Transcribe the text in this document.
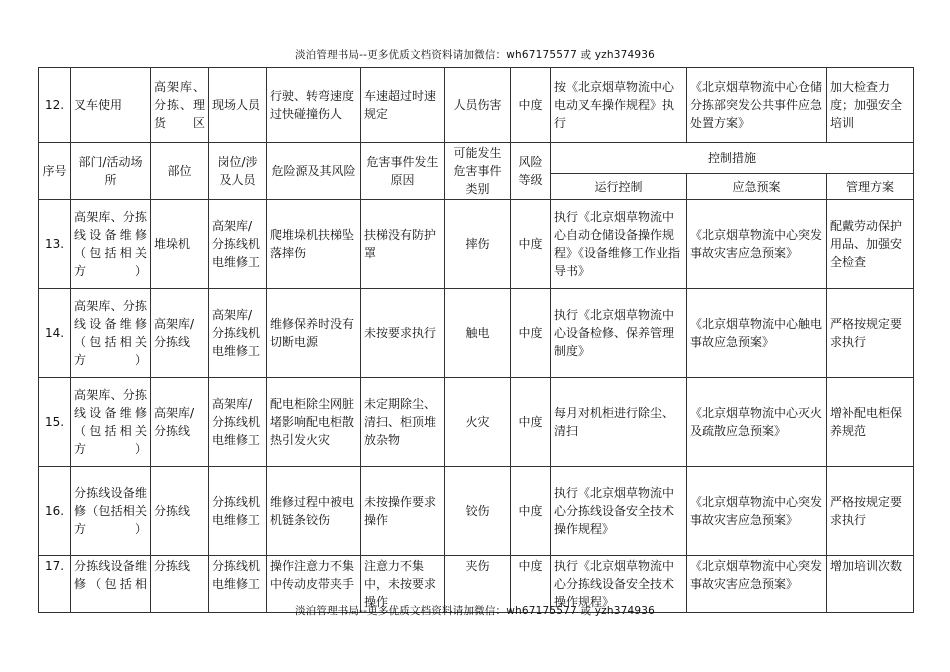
淡泊管理书局--更多优质文档资料请加微信：wh67175577 或 yzh374936
12.	叉车使用	高架库、分拣、理货区	现场人员	行驶、转弯速度过快碰撞伤人	车速超过时速规定	人员伤害	中度	按《北京烟草物流中心电动叉车操作规程》执行	《北京烟草物流中心仓储分拣部突发公共事件应急处置方案》	加大检查力度；加强安全培训
序号	部门/活动场所	部位	岗位/涉及人员	危险源及其风险	危害事件发生原因	可能发生危害事件类别	风险等级	控制措施		
								运行控制	应急预案	管理方案
13.	高架库、分拣线设备维修（包括相关方）	堆垛机	高架库/分拣线机电维修工	爬堆垛机扶梯坠落摔伤	扶梯没有防护罩	摔伤	中度	执行《北京烟草物流中心自动仓储设备操作规程》《设备维修工作业指导书》	《北京烟草物流中心突发事故灾害应急预案》	配戴劳动保护用品、加强安全检查
14.	高架库、分拣线设备维修（包括相关方）	高架库/分拣线	高架库/分拣线机电维修工	维修保养时没有切断电源	未按要求执行	触电	中度	执行《北京烟草物流中心设备检修、保养管理制度》	《北京烟草物流中心触电事故应急预案》	严格按规定要求执行
15.	高架库、分拣线设备维修（包括相关方）	高架库/分拣线	高架库/分拣线机电维修工	配电柜除尘网脏堵影响配电柜散热引发火灾	未定期除尘、清扫、柜顶堆放杂物	火灾	中度	每月对机柜进行除尘、清扫	《北京烟草物流中心灭火及疏散应急预案》	增补配电柜保养规范
16.	分拣线设备维修（包括相关方）	分拣线	分拣线机电维修工	维修过程中被电机链条铰伤	未按操作要求操作	铰伤	中度	执行《北京烟草物流中心分拣线设备安全技术操作规程》	《北京烟草物流中心突发事故灾害应急预案》	严格按规定要求执行
17.	分拣线设备维修（包括相	分拣线	分拣线机电维修工	操作注意力不集中传动皮带夹手	注意力不集中，未按要求操作	夹伤	中度	执行《北京烟草物流中心分拣线设备安全技术操作规程》	《北京烟草物流中心突发事故灾害应急预案》	增加培训次数
淡泊管理书局--更多优质文档资料请加微信：wh67175577 或 yzh374936
